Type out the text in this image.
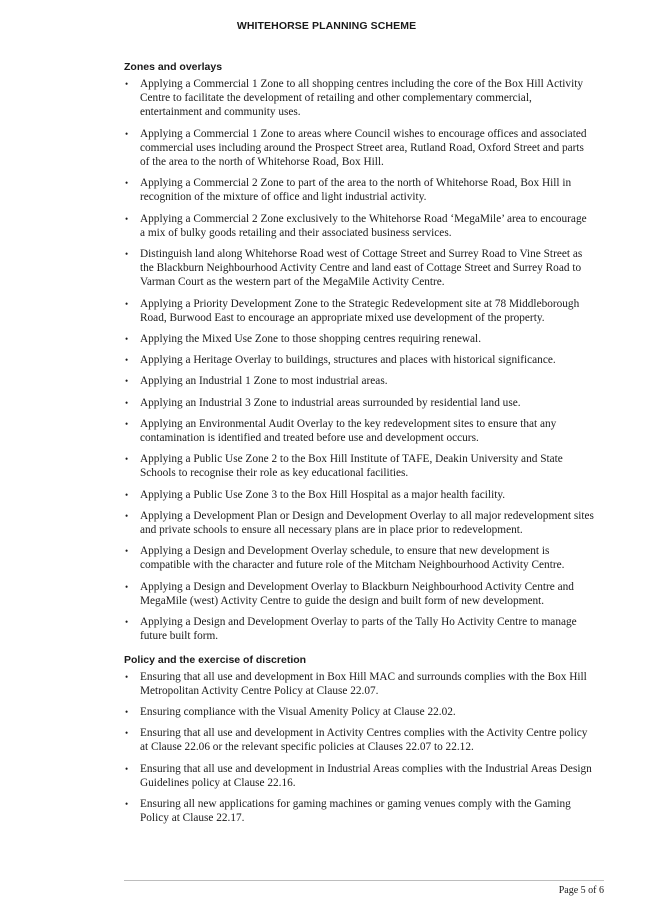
WHITEHORSE PLANNING SCHEME
Zones and overlays
• Applying a Commercial 1 Zone to all shopping centres including the core of the Box Hill Activity Centre to facilitate the development of retailing and other complementary commercial, entertainment and community uses.
• Applying a Commercial 1 Zone to areas where Council wishes to encourage offices and associated commercial uses including around the Prospect Street area, Rutland Road, Oxford Street and parts of the area to the north of Whitehorse Road, Box Hill.
• Applying a Commercial 2 Zone to part of the area to the north of Whitehorse Road, Box Hill in recognition of the mixture of office and light industrial activity.
• Applying a Commercial 2 Zone exclusively to the Whitehorse Road ‘MegaMile’ area to encourage a mix of bulky goods retailing and their associated business services.
• Distinguish land along Whitehorse Road west of Cottage Street and Surrey Road to Vine Street as the Blackburn Neighbourhood Activity Centre and land east of Cottage Street and Surrey Road to Varman Court as the western part of the MegaMile Activity Centre.
• Applying a Priority Development Zone to the Strategic Redevelopment site at 78 Middleborough Road, Burwood East to encourage an appropriate mixed use development of the property.
• Applying the Mixed Use Zone to those shopping centres requiring renewal.
• Applying a Heritage Overlay to buildings, structures and places with historical significance.
• Applying an Industrial 1 Zone to most industrial areas.
• Applying an Industrial 3 Zone to industrial areas surrounded by residential land use.
• Applying an Environmental Audit Overlay to the key redevelopment sites to ensure that any contamination is identified and treated before use and development occurs.
• Applying a Public Use Zone 2 to the Box Hill Institute of TAFE, Deakin University and State Schools to recognise their role as key educational facilities.
• Applying a Public Use Zone 3 to the Box Hill Hospital as a major health facility.
• Applying a Development Plan or Design and Development Overlay to all major redevelopment sites and private schools to ensure all necessary plans are in place prior to redevelopment.
• Applying a Design and Development Overlay schedule, to ensure that new development is compatible with the character and future role of the Mitcham Neighbourhood Activity Centre.
• Applying a Design and Development Overlay to Blackburn Neighbourhood Activity Centre and MegaMile (west) Activity Centre to guide the design and built form of new development.
• Applying a Design and Development Overlay to parts of the Tally Ho Activity Centre to manage future built form.
Policy and the exercise of discretion
• Ensuring that all use and development in Box Hill MAC and surrounds complies with the Box Hill Metropolitan Activity Centre Policy at Clause 22.07.
• Ensuring compliance with the Visual Amenity Policy at Clause 22.02.
• Ensuring that all use and development in Activity Centres complies with the Activity Centre policy at Clause 22.06 or the relevant specific policies at Clauses 22.07 to 22.12.
• Ensuring that all use and development in Industrial Areas complies with the Industrial Areas Design Guidelines policy at Clause 22.16.
• Ensuring all new applications for gaming machines or gaming venues comply with the Gaming Policy at Clause 22.17.
Page 5 of 6
